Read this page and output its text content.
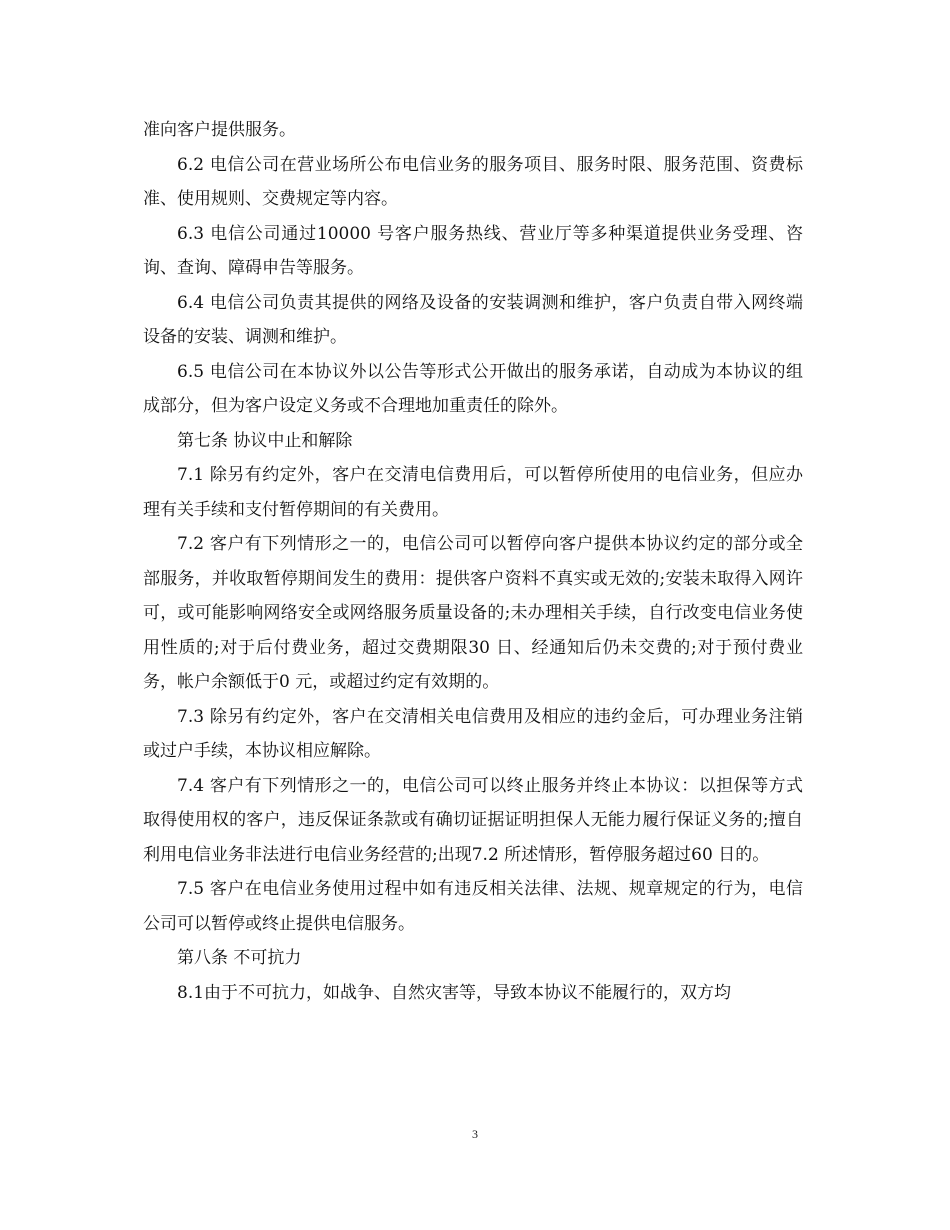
准向客户提供服务。

6.2 电信公司在营业场所公布电信业务的服务项目、服务时限、服务范围、资费标准、使用规则、交费规定等内容。

6.3 电信公司通过10000 号客户服务热线、营业厅等多种渠道提供业务受理、咨询、查询、障碍申告等服务。

6.4 电信公司负责其提供的网络及设备的安装调测和维护，客户负责自带入网终端设备的安装、调测和维护。

6.5 电信公司在本协议外以公告等形式公开做出的服务承诺，自动成为本协议的组成部分，但为客户设定义务或不合理地加重责任的除外。

第七条 协议中止和解除

7.1 除另有约定外，客户在交清电信费用后，可以暂停所使用的电信业务，但应办理有关手续和支付暂停期间的有关费用。

7.2 客户有下列情形之一的，电信公司可以暂停向客户提供本协议约定的部分或全部服务，并收取暂停期间发生的费用：提供客户资料不真实或无效的;安装未取得入网许可，或可能影响网络安全或网络服务质量设备的;未办理相关手续，自行改变电信业务使用性质的;对于后付费业务，超过交费期限30 日、经通知后仍未交费的;对于预付费业务，帐户余额低于0 元，或超过约定有效期的。

7.3 除另有约定外，客户在交清相关电信费用及相应的违约金后，可办理业务注销或过户手续，本协议相应解除。

7.4 客户有下列情形之一的，电信公司可以终止服务并终止本协议：以担保等方式取得使用权的客户，违反保证条款或有确切证据证明担保人无能力履行保证义务的;擅自利用电信业务非法进行电信业务经营的;出现7.2 所述情形，暂停服务超过60 日的。

7.5 客户在电信业务使用过程中如有违反相关法律、法规、规章规定的行为，电信公司可以暂停或终止提供电信服务。

第八条 不可抗力

8.1由于不可抗力，如战争、自然灾害等，导致本协议不能履行的，双方均

3
